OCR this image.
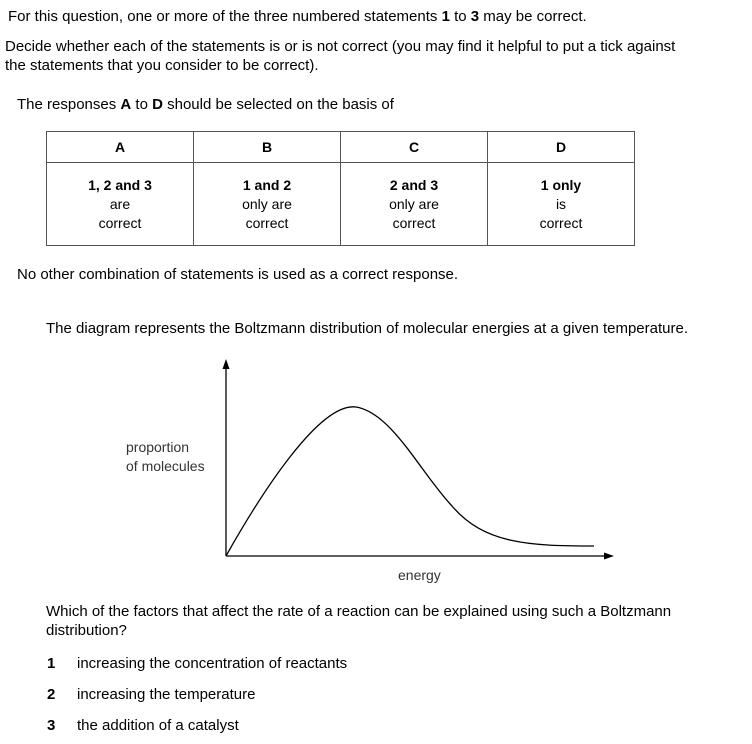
For this question, one or more of the three numbered statements 1 to 3 may be correct.
Decide whether each of the statements is or is not correct (you may find it helpful to put a tick against
the statements that you consider to be correct).
The responses A to D should be selected on the basis of
A	B	C	D
1, 2 and 3
are
correct	1 and 2
only are
correct	2 and 3
only are
correct	1 only
is
correct
No other combination of statements is used as a correct response.
The diagram represents the Boltzmann distribution of molecular energies at a given temperature.
proportion
of molecules
energy
Which of the factors that affect the rate of a reaction can be explained using such a Boltzmann
distribution?
1 increasing the concentration of reactants
2 increasing the temperature
3 the addition of a catalyst
